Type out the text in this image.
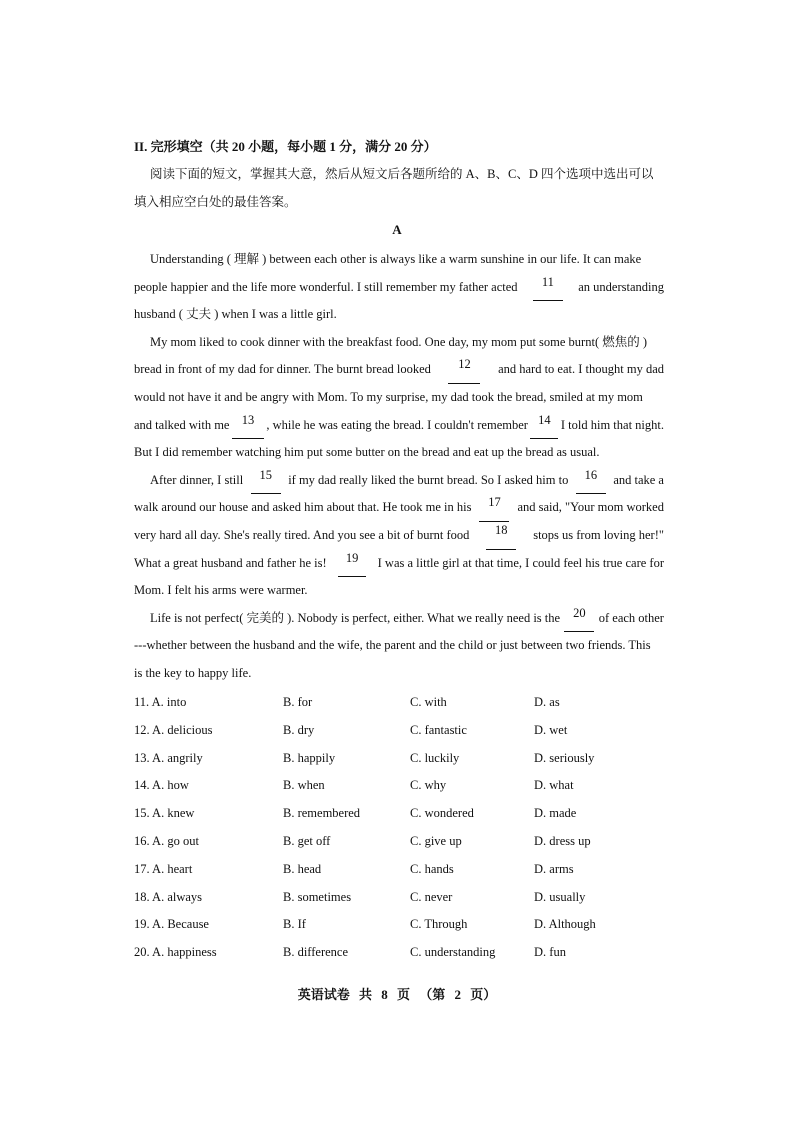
II. 完形填空（共 20 小题，每小题 1 分，满分 20 分）
阅读下面的短文，掌握其大意，然后从短文后各题所给的 A、B、C、D 四个选项中选出可以
填入相应空白处的最佳答案。
A
Understanding ( 理解 ) between each other is always like a warm sunshine in our life. It can make
people happier and the life more wonderful. I still remember my father acted	11	an understanding
husband ( 丈夫 ) when I was a little girl.
My mom liked to cook dinner with the breakfast food. One day, my mom put some burnt( 燃焦的 )
bread in front of my dad for dinner. The burnt bread looked	12	and hard to eat. I thought my dad
would not have it and be angry with Mom. To my surprise, my dad took the bread, smiled at my mom
and talked with me 13 , while he was eating the bread. I couldn't remember 14 I told him that night.
But I did remember watching him put some butter on the bread and eat up the bread as usual.
After dinner, I still	15	if my dad really liked the burnt bread. So I asked him to	16	and take a
walk around our house and asked him about that. He took me in his	17	and said, "Your mom worked
very hard all day. She's really tired. And you see a bit of burnt food	18	stops us from loving her!"
What a great husband and father he is!	19	I was a little girl at that time, I could feel his true care for
Mom. I felt his arms were warmer.
Life is not perfect( 完美的 ). Nobody is perfect, either. What we really need is the	20	of each other
---whether between the husband and the wife, the parent and the child or just between two friends. This
is the key to happy life.
11. A. into	B. for	C. with	D. as
12. A. delicious	B. dry	C. fantastic	D. wet
13. A. angrily	B. happily	C. luckily	D. seriously
14. A. how	B. when	C. why	D. what
15. A. knew	B. remembered	C. wondered	D. made
16. A. go out	B. get off	C. give up	D. dress up
17. A. heart	B. head	C. hands	D. arms
18. A. always	B. sometimes	C. never	D. usually
19. A. Because	B. If	C. Through	D. Although
20. A. happiness	B. difference	C. understanding	D. fun
英语试卷 共 8 页 （第 2 页）
